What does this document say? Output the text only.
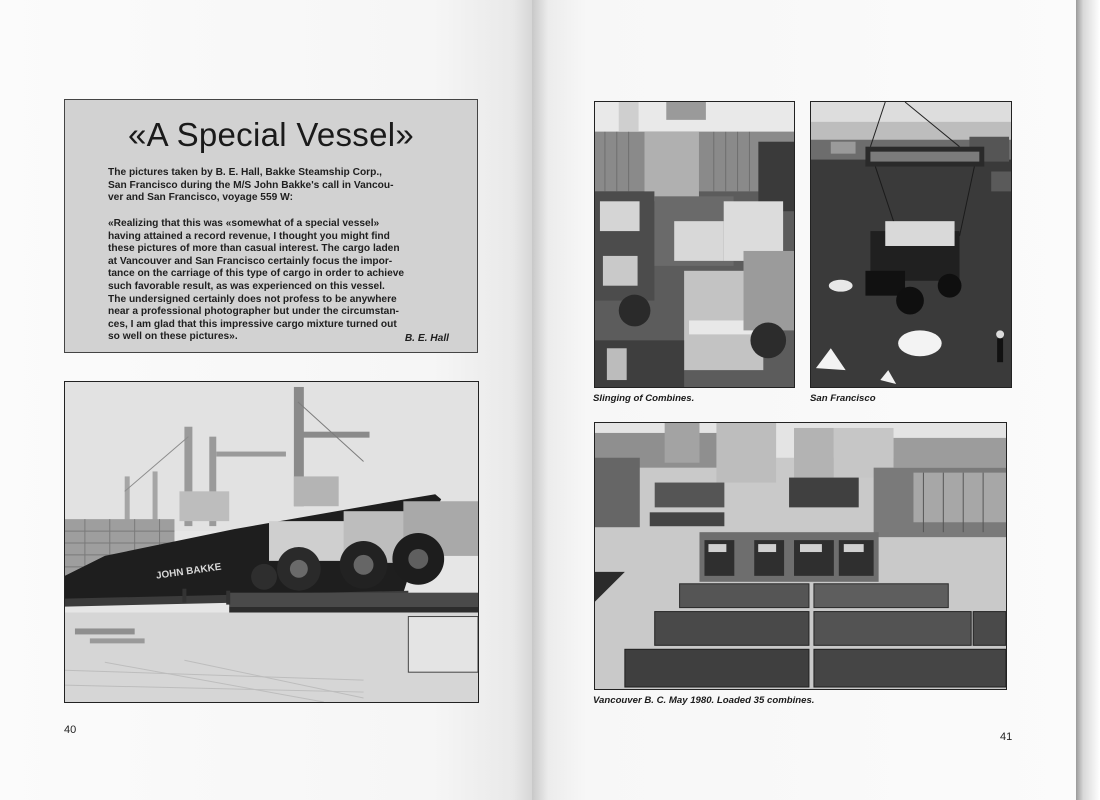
«A Special Vessel»
The pictures taken by B. E. Hall, Bakke Steamship Corp.,
San Francisco during the M/S John Bakke's call in Vancou-
ver and San Francisco, voyage 559 W:
«Realizing that this was «somewhat of a special vessel»
having attained a record revenue, I thought you might find
these pictures of more than casual interest. The cargo laden
at Vancouver and San Francisco certainly focus the impor-
tance on the carriage of this type of cargo in order to achieve
such favorable result, as was experienced on this vessel.
The undersigned certainly does not profess to be anywhere
near a professional photographer but under the circumstan-
ces, I am glad that this impressive cargo mixture turned out
so well on these pictures».	B. E. Hall
JOHN BAKKE
40
Slinging of Combines.	San Francisco
Vancouver B. C. May 1980. Loaded 35 combines.
41
